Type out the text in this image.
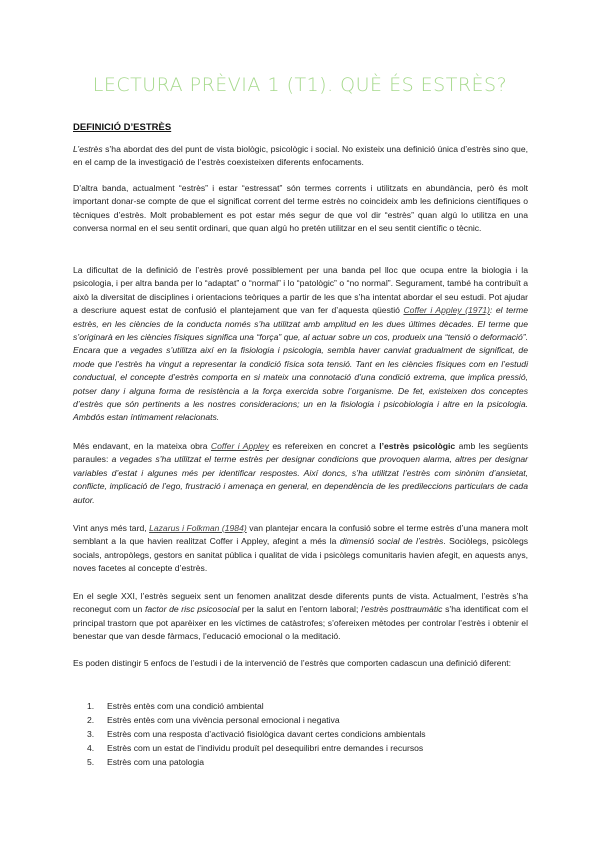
LECTURA PRÈVIA 1 (T1). QUÈ ÉS ESTRÈS?
DEFINICIÓ D’ESTRÈS

L’estrès s’ha abordat des del punt de vista biològic, psicològic i social. No existeix una definició única d’estrès sino que, en el camp de la investigació de l’estrès coexisteixen diferents enfocaments.

D’altra banda, actualment “estrès” i estar “estressat” són termes corrents i utilitzats en abundància, però és molt important donar-se compte de que el significat corrent del terme estrès no coincideix amb les definicions científiques o tècniques d’estrès. Molt probablement es pot estar més segur de que vol dir “estrès” quan algú lo utilitza en una conversa normal en el seu sentit ordinari, que quan algú ho pretén utilitzar en el seu sentit científic o tècnic.

La dificultat de la definició de l’estrès prové possiblement per una banda pel lloc que ocupa entre la biologia i la psicologia, i per altra banda per lo “adaptat” o “normal” i lo “patològic” o “no normal”. Segurament, també ha contribuït a això la diversitat de disciplines i orientacions teòriques a partir de les que s’ha intentat abordar el seu estudi. Pot ajudar a descriure aquest estat de confusió el plantejament que van fer d’aquesta qüestió Coffer i Appley (1971): el terme estrès, en les ciències de la conducta només s’ha utilitzat amb amplitud en les dues últimes dècades. El terme que s’originarà en les ciències físiques significa una “força” que, al actuar sobre un cos, produeix una “tensió o deformació”. Encara que a vegades s’utilitza així en la fisiologia i psicologia, sembla haver canviat gradualment de significat, de mode que l’estrès ha vingut a representar la condició física sota tensió. Tant en les ciències físiques com en l’estudi conductual, el concepte d’estrès comporta en si mateix una connotació d’una condició extrema, que implica pressió, potser dany i alguna forma de resistència a la força exercida sobre l’organisme. De fet, existeixen dos conceptes d’estrès que són pertinents a les nostres consideracions; un en la fisiologia i psicobiologia i altre en la psicologia. Ambdós estan íntimament relacionats.

Més endavant, en la mateixa obra Coffer i Appley es refereixen en concret a l’estrès psicològic amb les següents paraules: a vegades s’ha utilitzat el terme estrès per designar condicions que provoquen alarma, altres per designar variables d’estat i algunes més per identificar respostes. Així doncs, s’ha utilitzat l’estrès com sinònim d’ansietat, conflicte, implicació de l’ego, frustració i amenaça en general, en dependència de les predileccions particulars de cada autor.

Vint anys més tard, Lazarus i Folkman (1984) van plantejar encara la confusió sobre el terme estrès d’una manera molt semblant a la que havien realitzat Coffer i Appley, afegint a més la dimensió social de l’estrès. Sociòlegs, psicòlegs socials, antropòlegs, gestors en sanitat pública i qualitat de vida i psicòlegs comunitaris havien afegit, en aquests anys, noves facetes al concepte d’estrès.

En el segle XXI, l’estrès segueix sent un fenomen analitzat desde diferents punts de vista. Actualment, l’estrès s’ha reconegut com un factor de risc psicosocial per la salut en l’entorn laboral; l’estrès posttraumàtic s’ha identificat com el principal trastorn que pot aparèixer en les víctimes de catàstrofes; s’ofereixen mètodes per controlar l’estrès i obtenir el benestar que van desde fàrmacs, l’educació emocional o la meditació.

Es poden distingir 5 enfocs de l’estudi i de la intervenció de l’estrès que comporten cadascun una definició diferent:

1.	Estrès entès com una condició ambiental
2.	Estrès entès com una vivència personal emocional i negativa
3.	Estrès com una resposta d’activació fisiològica davant certes condicions ambientals
4.	Estrès com un estat de l’individu produït pel desequilibri entre demandes i recursos
5.	Estrès com una patologia
